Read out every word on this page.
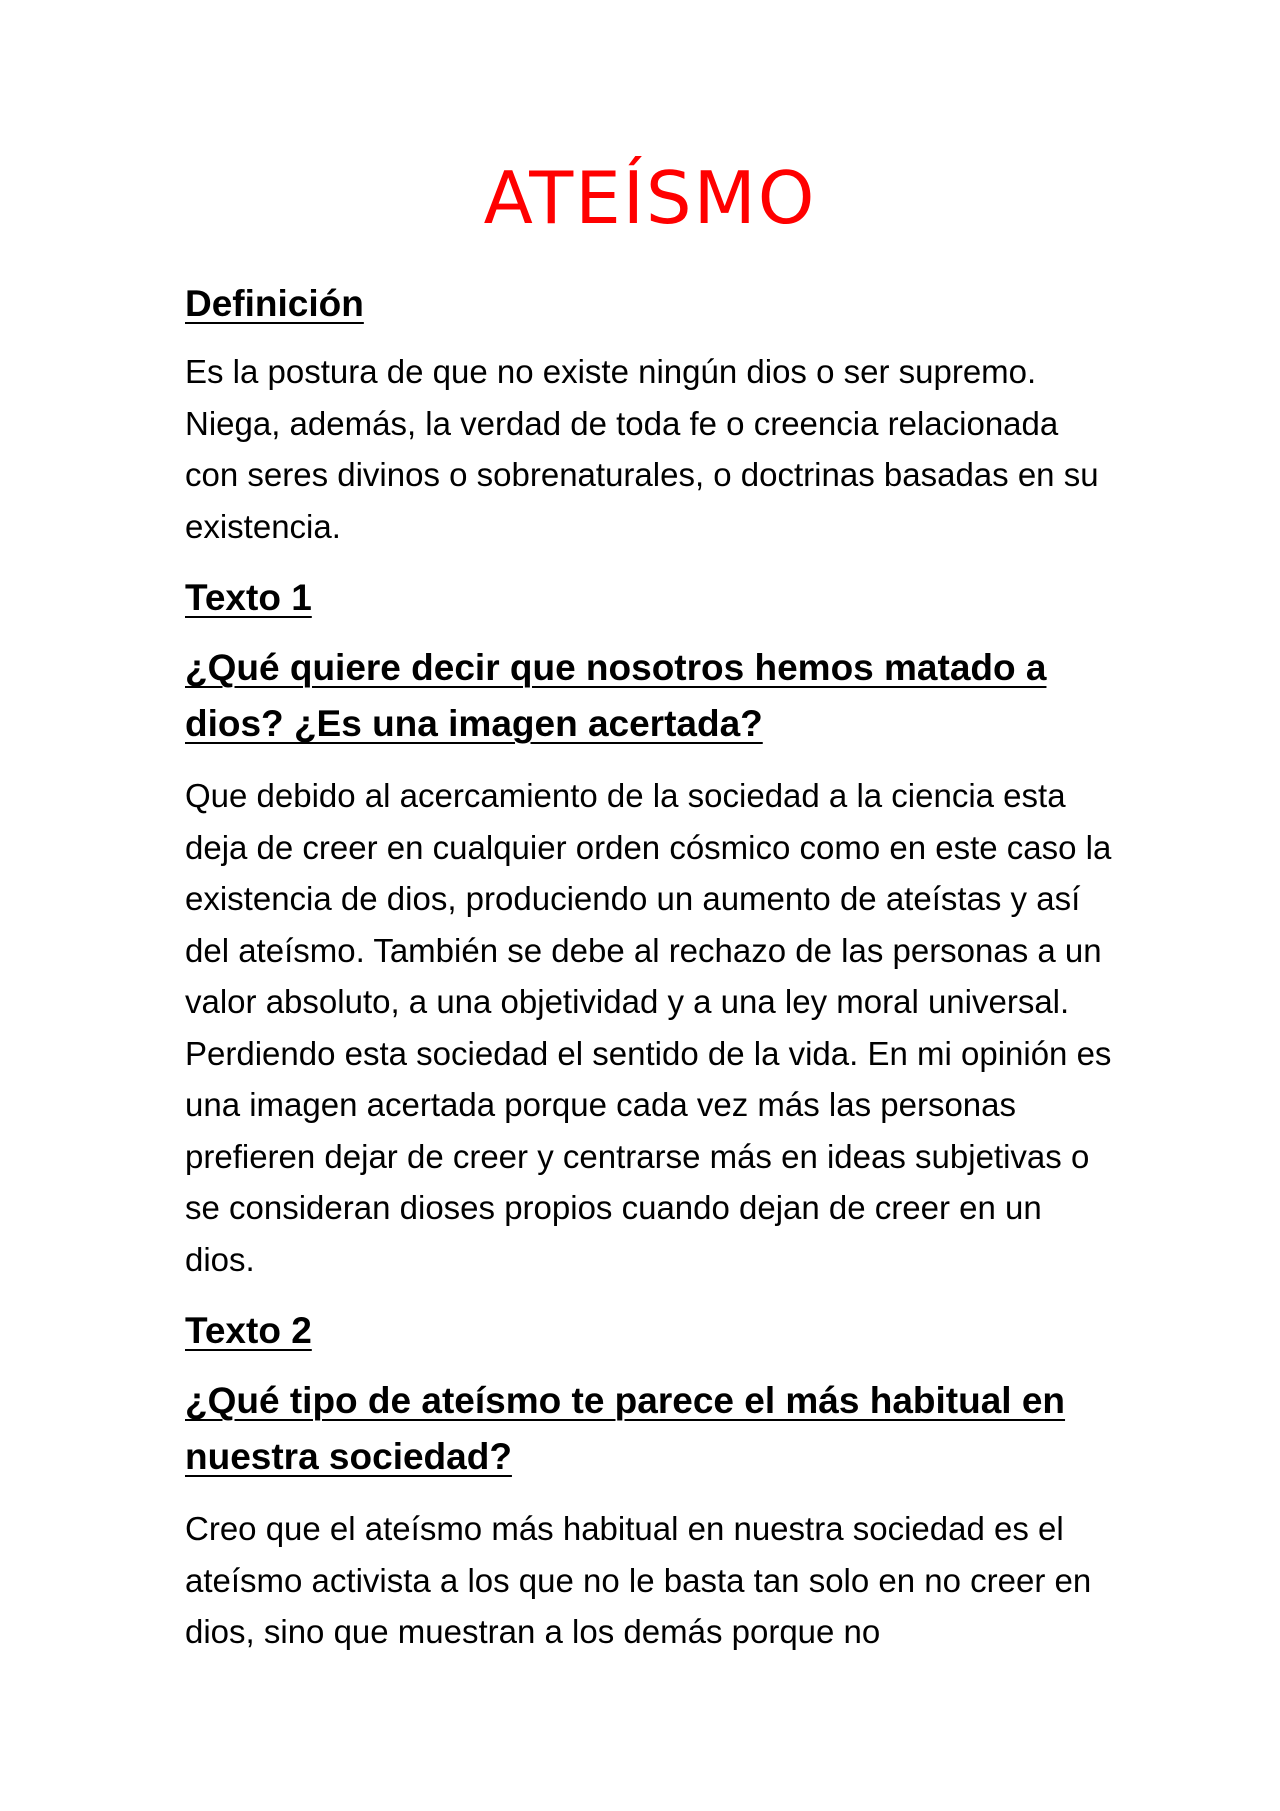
ATEÍSMO
Definición

Es la postura de que no existe ningún dios o ser supremo. Niega, además, la verdad de toda fe o creencia relacionada con seres divinos o sobrenaturales, o doctrinas basadas en su existencia.

Texto 1
¿Qué quiere decir que nosotros hemos matado a dios? ¿Es una imagen acertada?

Que debido al acercamiento de la sociedad a la ciencia esta deja de creer en cualquier orden cósmico como en este caso la existencia de dios, produciendo un aumento de ateístas y así del ateísmo. También se debe al rechazo de las personas a un valor absoluto, a una objetividad y a una ley moral universal. Perdiendo esta sociedad el sentido de la vida. En mi opinión es una imagen acertada porque cada vez más las personas prefieren dejar de creer y centrarse más en ideas subjetivas o se consideran dioses propios cuando dejan de creer en un dios.

Texto 2
¿Qué tipo de ateísmo te parece el más habitual en nuestra sociedad?

Creo que el ateísmo más habitual en nuestra sociedad es el ateísmo activista a los que no le basta tan solo en no creer en dios, sino que muestran a los demás porque no
